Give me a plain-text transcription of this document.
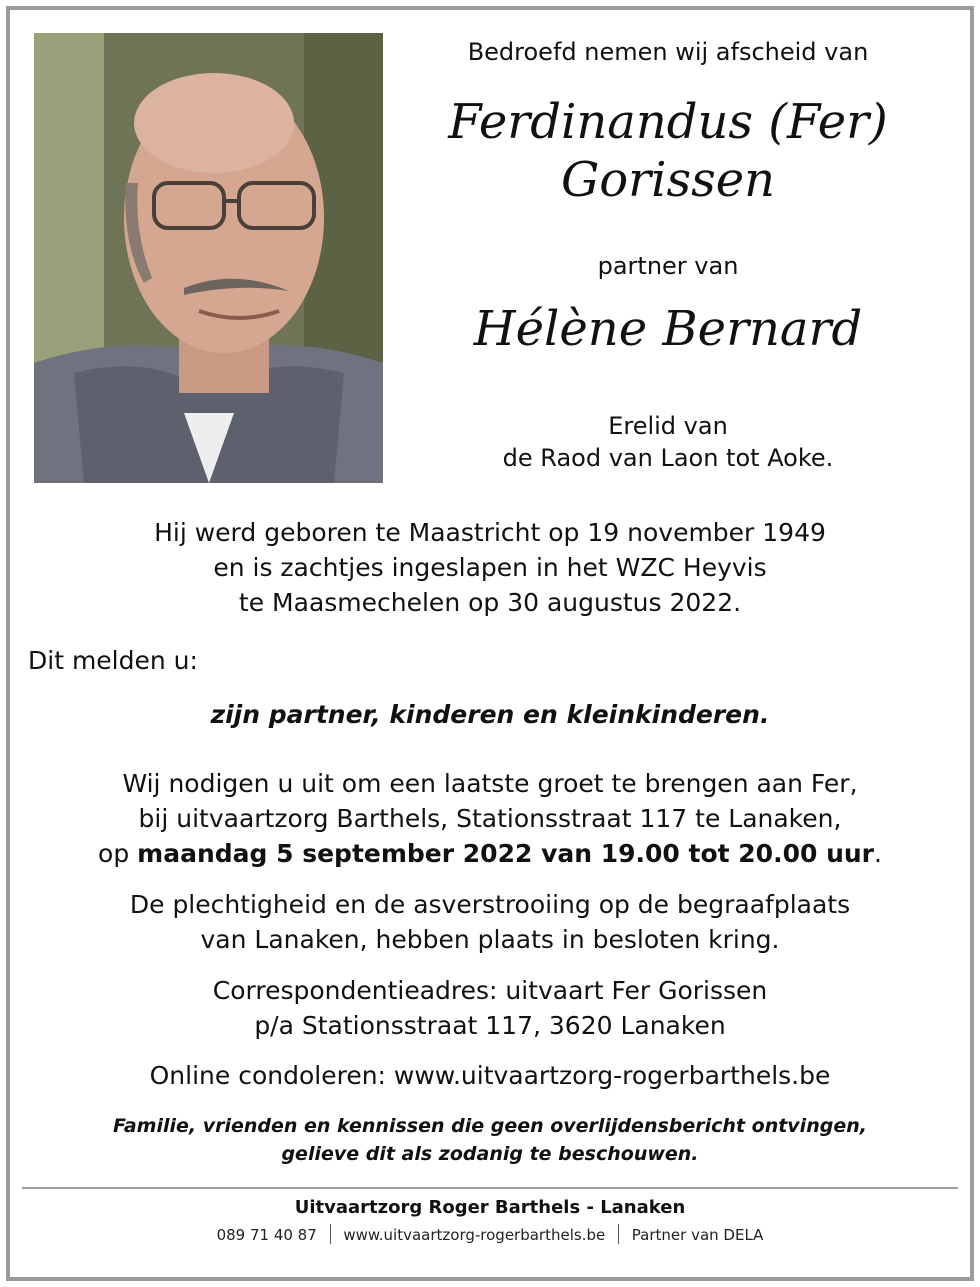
Bedroefd nemen wij afscheid van
Ferdinandus (Fer)
Gorissen
partner van
Hélène Bernard
Erelid van
de Raod van Laon tot Aoke.
Hij werd geboren te Maastricht op 19 november 1949
en is zachtjes ingeslapen in het WZC Heyvis
te Maasmechelen op 30 augustus 2022.
Dit melden u:
zijn partner, kinderen en kleinkinderen.
Wij nodigen u uit om een laatste groet te brengen aan Fer,
bij uitvaartzorg Barthels, Stationsstraat 117 te Lanaken,
op maandag 5 september 2022 van 19.00 tot 20.00 uur.
De plechtigheid en de asverstrooiing op de begraafplaats
van Lanaken, hebben plaats in besloten kring.
Correspondentieadres: uitvaart Fer Gorissen
p/a Stationsstraat 117, 3620 Lanaken
Online condoleren: www.uitvaartzorg-rogerbarthels.be
Familie, vrienden en kennissen die geen overlijdensbericht ontvingen,
gelieve dit als zodanig te beschouwen.
Uitvaartzorg Roger Barthels - Lanaken
089 71 40 87 www.uitvaartzorg-rogerbarthels.be Partner van DELA
